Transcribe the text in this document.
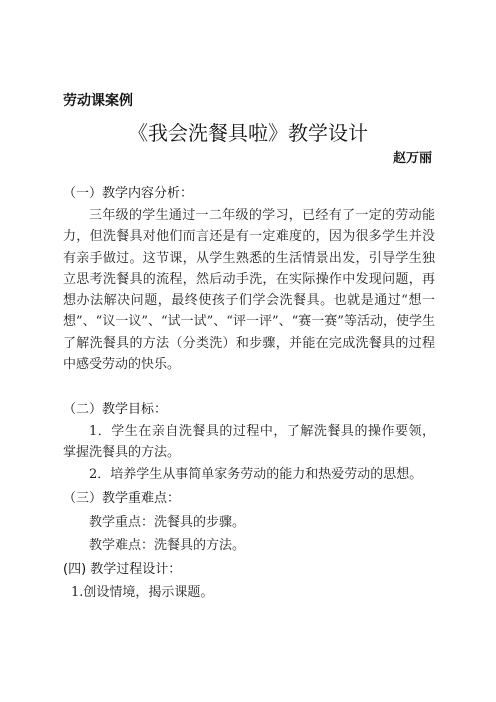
劳动课案例
《我会洗餐具啦》教学设计
赵万丽
（一）教学内容分析：
三年级的学生通过一二年级的学习，已经有了一定的劳动能力，但洗餐具对他们而言还是有一定难度的，因为很多学生并没有亲手做过。这节课，从学生熟悉的生活情景出发，引导学生独立思考洗餐具的流程，然后动手洗，在实际操作中发现问题，再想办法解决问题，最终使孩子们学会洗餐具。也就是通过“想一想”、“议一议”、“试一试”、“评一评”、“赛一赛”等活动，使学生了解洗餐具的方法（分类洗）和步骤，并能在完成洗餐具的过程中感受劳动的快乐。
（二）教学目标：
1．学生在亲自洗餐具的过程中，了解洗餐具的操作要领，掌握洗餐具的方法。
2．培养学生从事简单家务劳动的能力和热爱劳动的思想。
（三）教学重难点：
教学重点：洗餐具的步骤。
教学难点：洗餐具的方法。
(四) 教学过程设计：
1.创设情境，揭示课题。
